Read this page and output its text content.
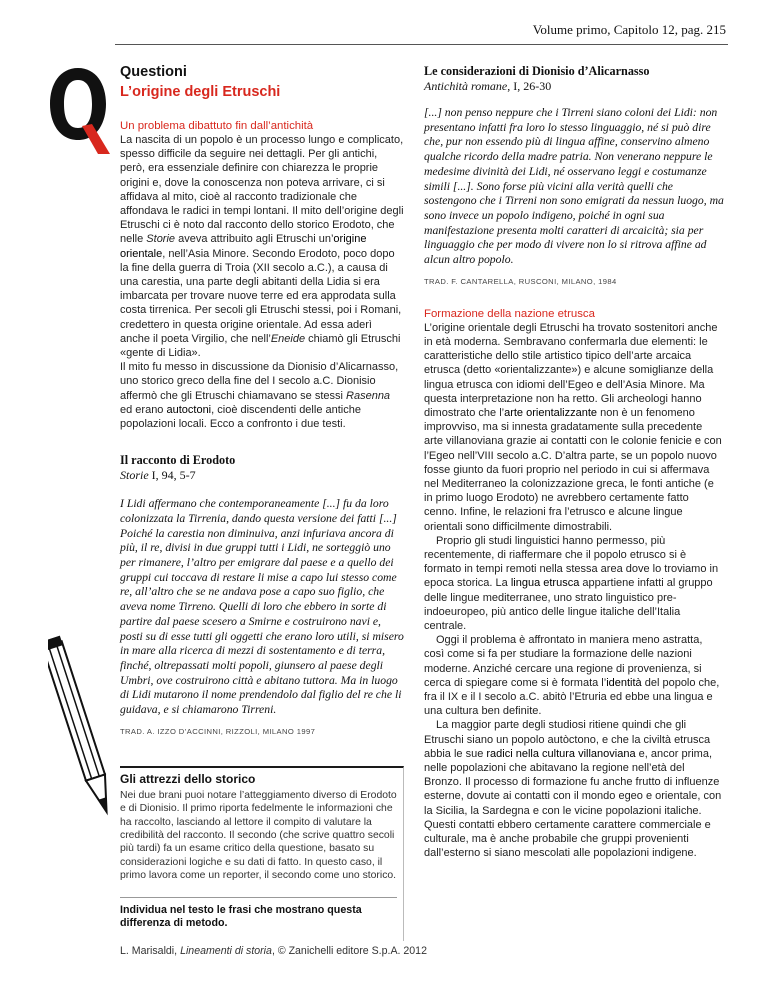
Volume primo, Capitolo 12, pag. 215
Questioni
L’origine degli Etruschi
Un problema dibattuto fin dall’antichità

La nascita di un popolo è un processo lungo e complicato, spesso difficile da seguire nei dettagli. Per gli antichi, però, era essenziale definire con chiarezza le proprie origini e, dove la conoscenza non poteva arrivare, ci si affidava al mito, cioè al racconto tradizionale che affondava le radici in tempi lontani. Il mito dell’origine degli Etruschi ci è noto dal racconto dello storico Erodoto, che nelle Storie aveva attribuito agli Etruschi un’origine orientale, nell’Asia Minore. Secondo Erodoto, poco dopo la fine della guerra di Troia (XII secolo a.C.), a causa di una carestia, una parte degli abitanti della Lidia si era imbarcata per trovare nuove terre ed era approdata sulla costa tirrenica. Per secoli gli Etruschi stessi, poi i Romani, credettero in questa origine orientale. Ad essa aderì anche il poeta Virgilio, che nell’Eneide chiamò gli Etruschi «gente di Lidia».

Il mito fu messo in discussione da Dionisio d’Alicarnasso, uno storico greco della fine del I secolo a.C. Dionisio affermò che gli Etruschi chiamavano se stessi Rasenna ed erano autoctoni, cioè discendenti delle antiche popolazioni locali. Ecco a confronto i due testi.

Il racconto di Erodoto

Storie I, 94, 5-7

I Lidi affermano che contemporaneamente [...] fu da loro colonizzata la Tirrenia, dando questa versione dei fatti [...] Poiché la carestia non diminuiva, anzi infuriava ancora di più, il re, divisi in due gruppi tutti i Lidi, ne sorteggiò uno per rimanere, l’altro per emigrare dal paese e a quello dei gruppi cui toccava di restare li mise a capo lui stesso come re, all’altro che se ne andava pose a capo suo figlio, che aveva nome Tirreno. Quelli di loro che ebbero in sorte di partire dal paese scesero a Smirne e costruirono navi e, posti su di esse tutti gli oggetti che erano loro utili, si misero in mare alla ricerca di mezzi di sostentamento e di terra, finché, oltrepassati molti popoli, giunsero al paese degli Umbri, ove costruirono città e abitano tuttora. Ma in luogo di Lidi mutarono il nome prendendolo dal figlio del re che li guidava, e si chiamarono Tirreni.

TRAD. A. IZZO D’ACCINNI, RIZZOLI, MILANO 1997

Gli attrezzi dello storico

Nei due brani puoi notare l’atteggiamento diverso di Erodoto e di Dionisio. Il primo riporta fedelmente le informazioni che ha raccolto, lasciando al lettore il compito di valutare la credibilità del racconto. Il secondo (che scrive quattro secoli più tardi) fa un esame critico della questione, basato su considerazioni logiche e su dati di fatto. In questo caso, il primo lavora come un reporter, il secondo come uno storico.

Individua nel testo le frasi che mostrano questa differenza di metodo.

Le considerazioni di Dionisio d’Alicarnasso

Antichità romane, I, 26-30

[...] non penso neppure che i Tirreni siano coloni dei Lidi: non presentano infatti fra loro lo stesso linguaggio, né si può dire che, pur non essendo più di lingua affine, conservino almeno qualche ricordo della madre patria. Non venerano neppure le medesime divinità dei Lidi, né osservano leggi e costumanze simili [...]. Sono forse più vicini alla verità quelli che sostengono che i Tirreni non sono emigrati da nessun luogo, ma sono invece un popolo indigeno, poiché in ogni sua manifestazione presenta molti caratteri di arcaicità; sia per linguaggio che per modo di vivere non lo si ritrova affine ad alcun altro popolo.

TRAD. F. CANTARELLA, RUSCONI, MILANO, 1984

Formazione della nazione etrusca

L’origine orientale degli Etruschi ha trovato sostenitori anche in età moderna. Sembravano confermarla due elementi: le caratteristiche dello stile artistico tipico dell’arte arcaica etrusca (detto «orientalizzante») e alcune somiglianze della lingua etrusca con idiomi dell’Egeo e dell’Asia Minore. Ma questa interpretazione non ha retto. Gli archeologi hanno dimostrato che l’arte orientalizzante non è un fenomeno improvviso, ma si innesta gradatamente sulla precedente arte villanoviana grazie ai contatti con le colonie fenicie e con l’Egeo nell’VIII secolo a.C. D’altra parte, se un popolo nuovo fosse giunto da fuori proprio nel periodo in cui si affermava nel Mediterraneo la colonizzazione greca, le fonti antiche (e in primo luogo Erodoto) ne avrebbero certamente fatto cenno. Infine, le relazioni fra l’etrusco e alcune lingue orientali sono difficilmente dimostrabili.

Proprio gli studi linguistici hanno permesso, più recentemente, di riaffermare che il popolo etrusco si è formato in tempi remoti nella stessa area dove lo troviamo in epoca storica. La lingua etrusca appartiene infatti al gruppo delle lingue mediterranee, uno strato linguistico pre-indoeuropeo, più antico delle lingue italiche dell’Italia centrale.

Oggi il problema è affrontato in maniera meno astratta, così come si fa per studiare la formazione delle nazioni moderne. Anziché cercare una regione di provenienza, si cerca di spiegare come si è formata l’identità del popolo che, fra il IX e il I secolo a.C. abitò l’Etruria ed ebbe una lingua e una cultura ben definite.

La maggior parte degli studiosi ritiene quindi che gli Etruschi siano un popolo autòctono, e che la civiltà etrusca abbia le sue radici nella cultura villanoviana e, ancor prima, nelle popolazioni che abitavano la regione nell’età del Bronzo. Il processo di formazione fu anche frutto di influenze esterne, dovute ai contatti con il mondo egeo e orientale, con la Sicilia, la Sardegna e con le vicine popolazioni italiche. Questi contatti ebbero certamente carattere commerciale e culturale, ma è anche probabile che gruppi provenienti dall’esterno si siano mescolati alle popolazioni indigene.

L. Marisaldi, Lineamenti di storia, © Zanichelli editore S.p.A. 2012
